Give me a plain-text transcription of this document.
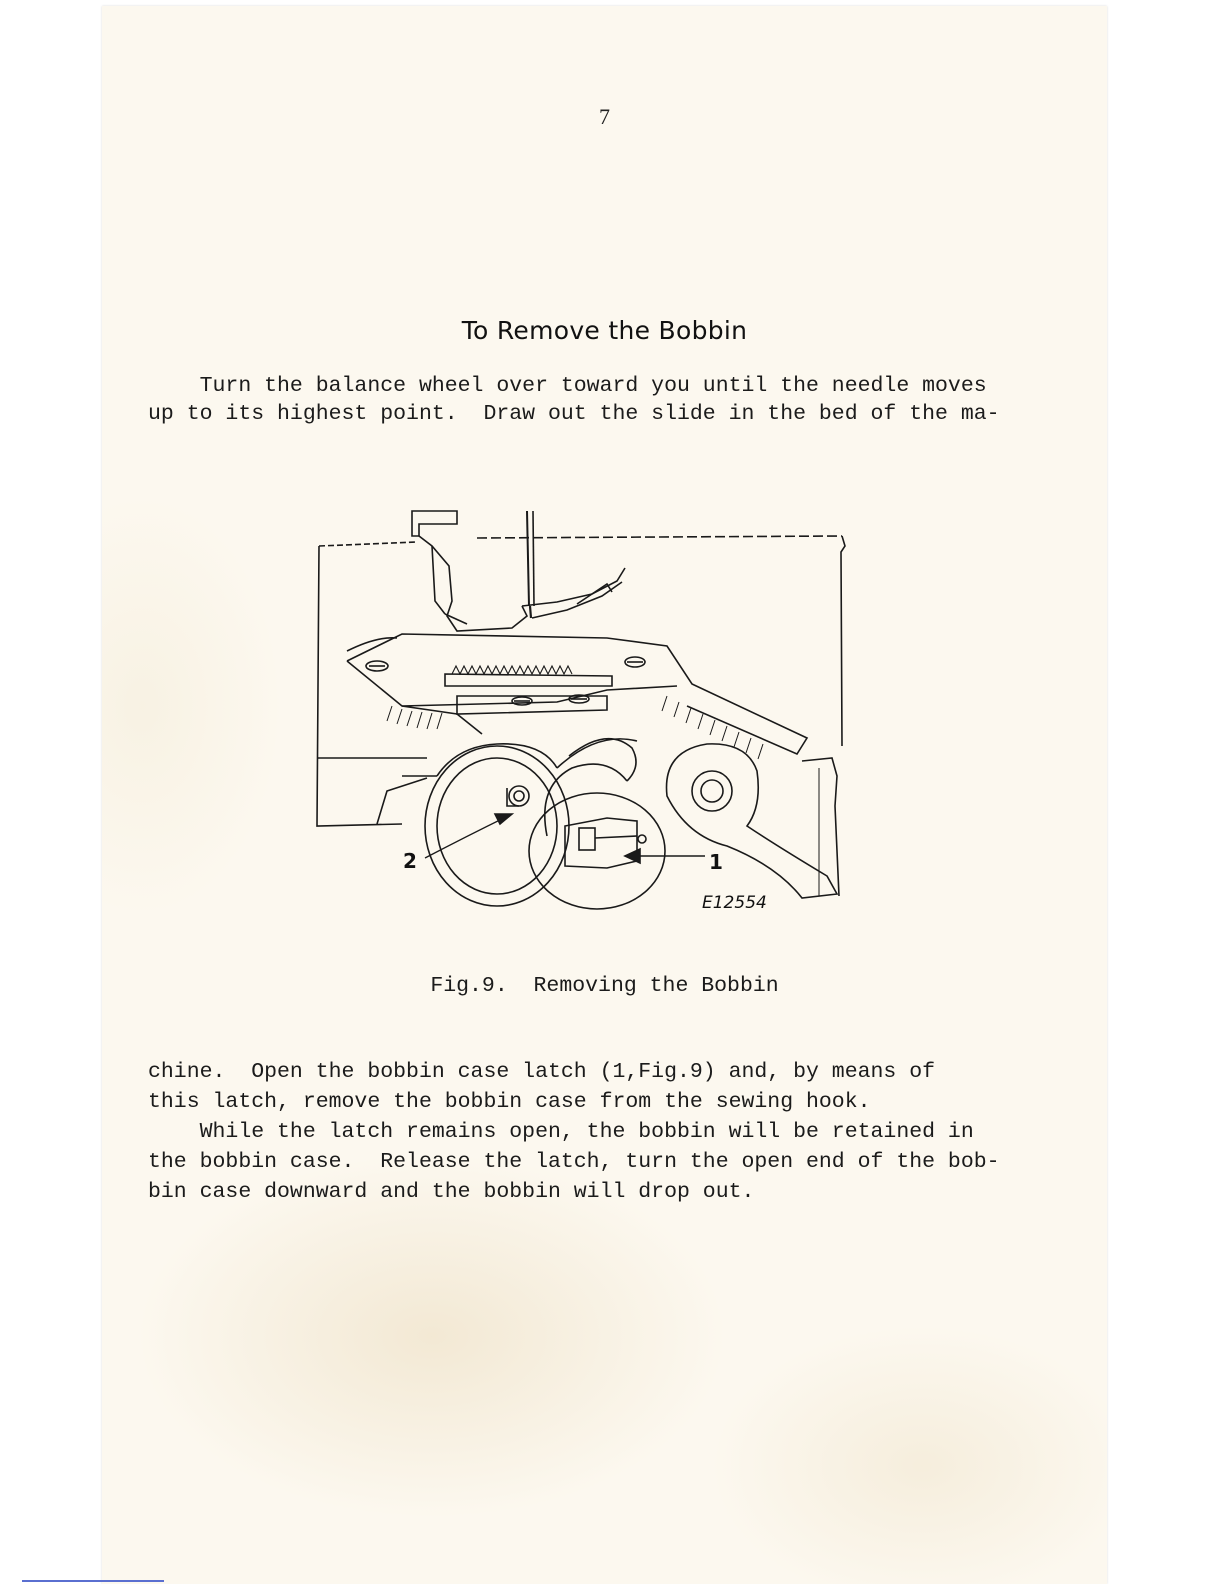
7
To Remove the Bobbin
Turn the balance wheel over toward you until the needle moves
up to its highest point.  Draw out the slide in the bed of the ma-
2	1
E12554
Fig.9.  Removing the Bobbin
chine.  Open the bobbin case latch (1,Fig.9) and, by means of
this latch, remove the bobbin case from the sewing hook.
While the latch remains open, the bobbin will be retained in
the bobbin case.  Release the latch, turn the open end of the bob-
bin case downward and the bobbin will drop out.
